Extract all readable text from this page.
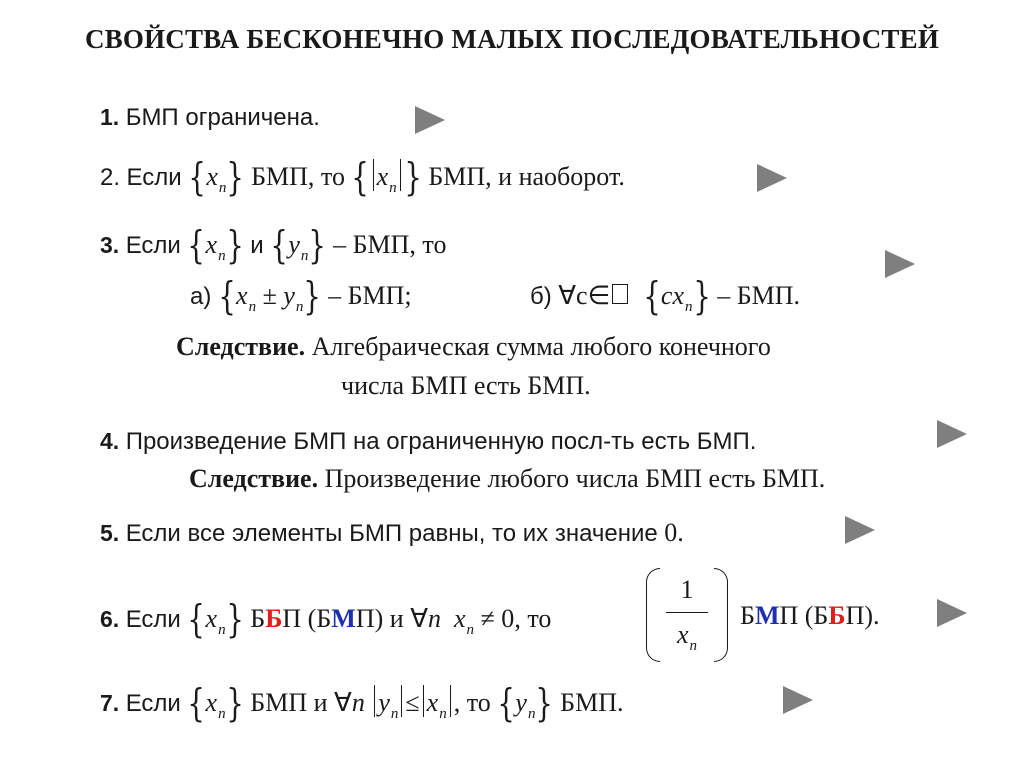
СВОЙСТВА БЕСКОНЕЧНО МАЛЫХ ПОСЛЕДОВАТЕЛЬНОСТЕЙ
1. БМП ограничена.
2. Если $\{x_n\}$ БМП, то { $x_n$ } БМП, и наоборот.
3. Если $\{x_n\}$ и $\{y_n\}$ – БМП, то
а) $\{x_n \pm y_n\}$ – БМП;	б) ∀c∈ $\{cx_n\}$ – БМП.
Следствие. Алгебраическая сумма любого конечного
числа БМП есть БМП.
4. Произведение БМП на ограниченную посл-ть есть БМП.
Следствие. Произведение любого числа БМП есть БМП.
5. Если все элементы БМП равны, то их значение 0.
6. Если $\{x_n\}$ ББП (БМП) и ∀n $x_n \ne 0$, то
1
$x_n$
БМП (ББП).
7. Если $\{x_n\}$ БМП и ∀n $y_n \le x_n$ , то $\{y_n\}$ БМП.
